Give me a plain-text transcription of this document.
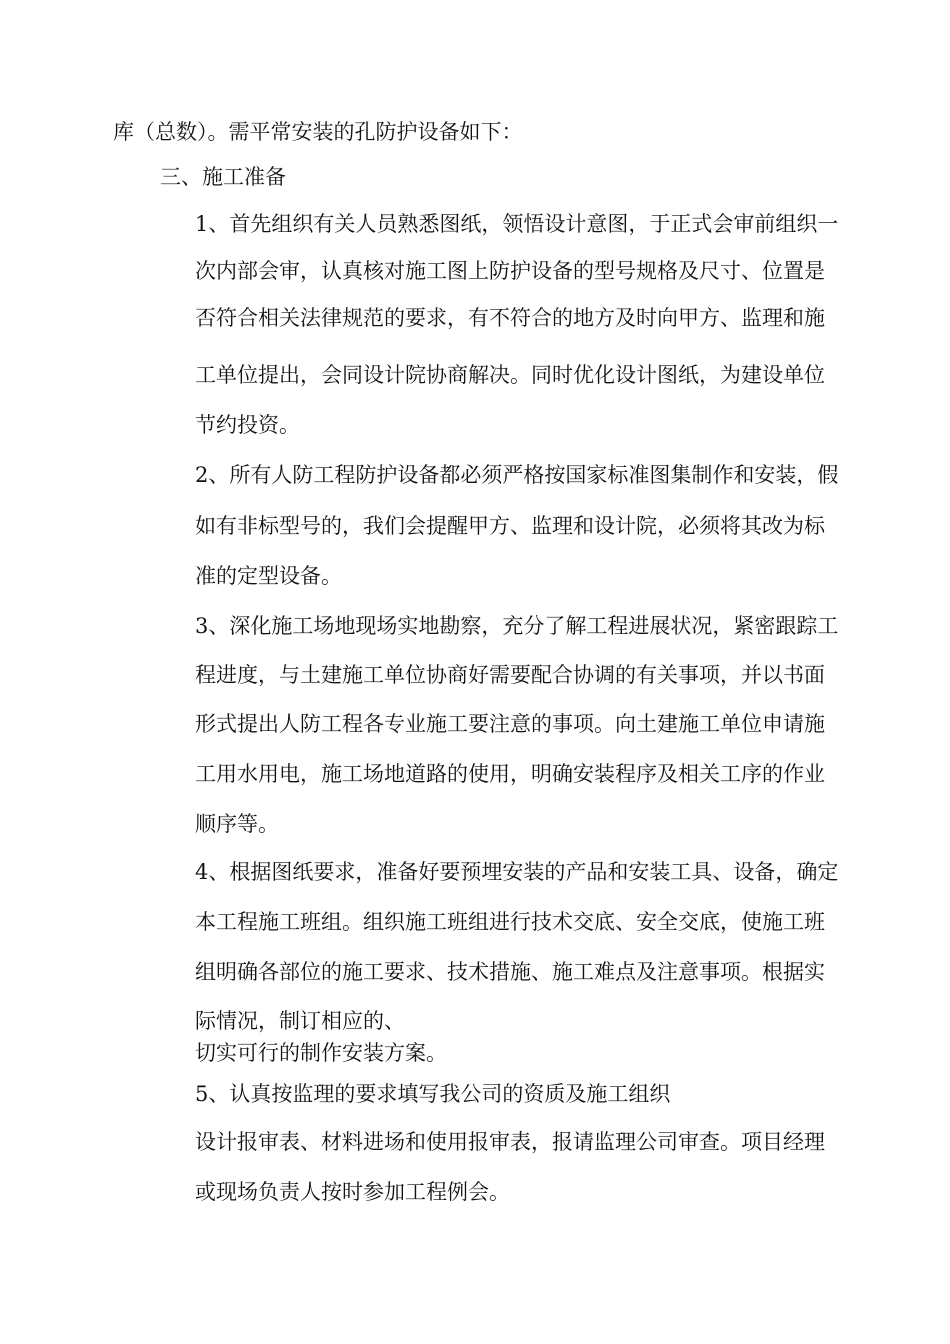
库（总数）。需平常安装的孔防护设备如下：
三、施工准备
1、首先组织有关人员熟悉图纸，领悟设计意图，于正式会审前组织一
次内部会审，认真核对施工图上防护设备的型号规格及尺寸、位置是
否符合相关法律规范的要求，有不符合的地方及时向甲方、监理和施
工单位提出，会同设计院协商解决。同时优化设计图纸，为建设单位
节约投资。
2、所有人防工程防护设备都必须严格按国家标准图集制作和安装，假
如有非标型号的，我们会提醒甲方、监理和设计院，必须将其改为标
准的定型设备。
3、深化施工场地现场实地勘察，充分了解工程进展状况，紧密跟踪工
程进度，与土建施工单位协商好需要配合协调的有关事项，并以书面
形式提出人防工程各专业施工要注意的事项。向土建施工单位申请施
工用水用电，施工场地道路的使用，明确安装程序及相关工序的作业
顺序等。
4、根据图纸要求，准备好要预埋安装的产品和安装工具、设备，确定
本工程施工班组。组织施工班组进行技术交底、安全交底，使施工班
组明确各部位的施工要求、技术措施、施工难点及注意事项。根据实
际情况，制订相应的、
切实可行的制作安装方案。
5、认真按监理的要求填写我公司的资质及施工组织
设计报审表、材料进场和使用报审表，报请监理公司审查。项目经理
或现场负责人按时参加工程例会。
